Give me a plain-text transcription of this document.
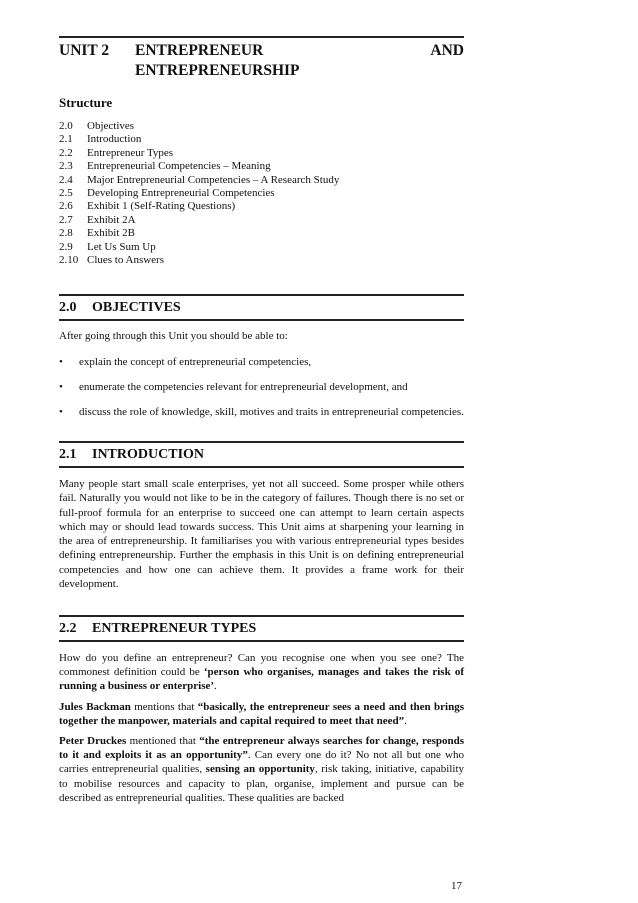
UNIT 2 ENTREPRENEUR	AND
ENTREPRENEURSHIP
Structure
2.0	Objectives
2.1	Introduction
2.2	Entrepreneur Types
2.3	Entrepreneurial Competencies – Meaning
2.4	Major Entrepreneurial Competencies – A Research Study
2.5	Developing Entrepreneurial Competencies
2.6	Exhibit 1 (Self-Rating Questions)
2.7	Exhibit 2A
2.8	Exhibit 2B
2.9	Let Us Sum Up
2.10 Clues to Answers
2.0	OBJECTIVES

After going through this Unit you should be able to:

•	explain the concept of entrepreneurial competencies,
•	enumerate the competencies relevant for entrepreneurial development, and
•	discuss the role of knowledge, skill, motives and traits in entrepreneurial competencies.
2.1	INTRODUCTION

Many people start small scale enterprises, yet not all succeed. Some prosper while others fail. Naturally you would not like to be in the category of failures. Though there is no set or full-proof formula for an enterprise to succeed one can attempt to learn certain aspects which may or should lead towards success. This Unit aims at sharpening your learning in the area of entrepreneurship. It familiarises you with various entrepreneurial types besides defining entrepreneurship. Further the emphasis in this Unit is on defining entrepreneurial competencies and how one can achieve them. It provides a frame work for their development.

2.2	ENTREPRENEUR TYPES

How do you define an entrepreneur? Can you recognise one when you see one? The commonest definition could be ‘person who organises, manages and takes the risk of running a business or enterprise’.

Jules Backman mentions that “basically, the entrepreneur sees a need and then brings together the manpower, materials and capital required to meet that need”.

Peter Druckes mentioned that “the entrepreneur always searches for change, responds to it and exploits it as an opportunity”. Can every one do it? No not all but one who carries entrepreneurial qualities, sensing an opportunity, risk taking, initiative, capability to mobilise resources and capacity to plan, organise, implement and pursue can be described as entrepreneurial qualities. These qualities are backed

17
